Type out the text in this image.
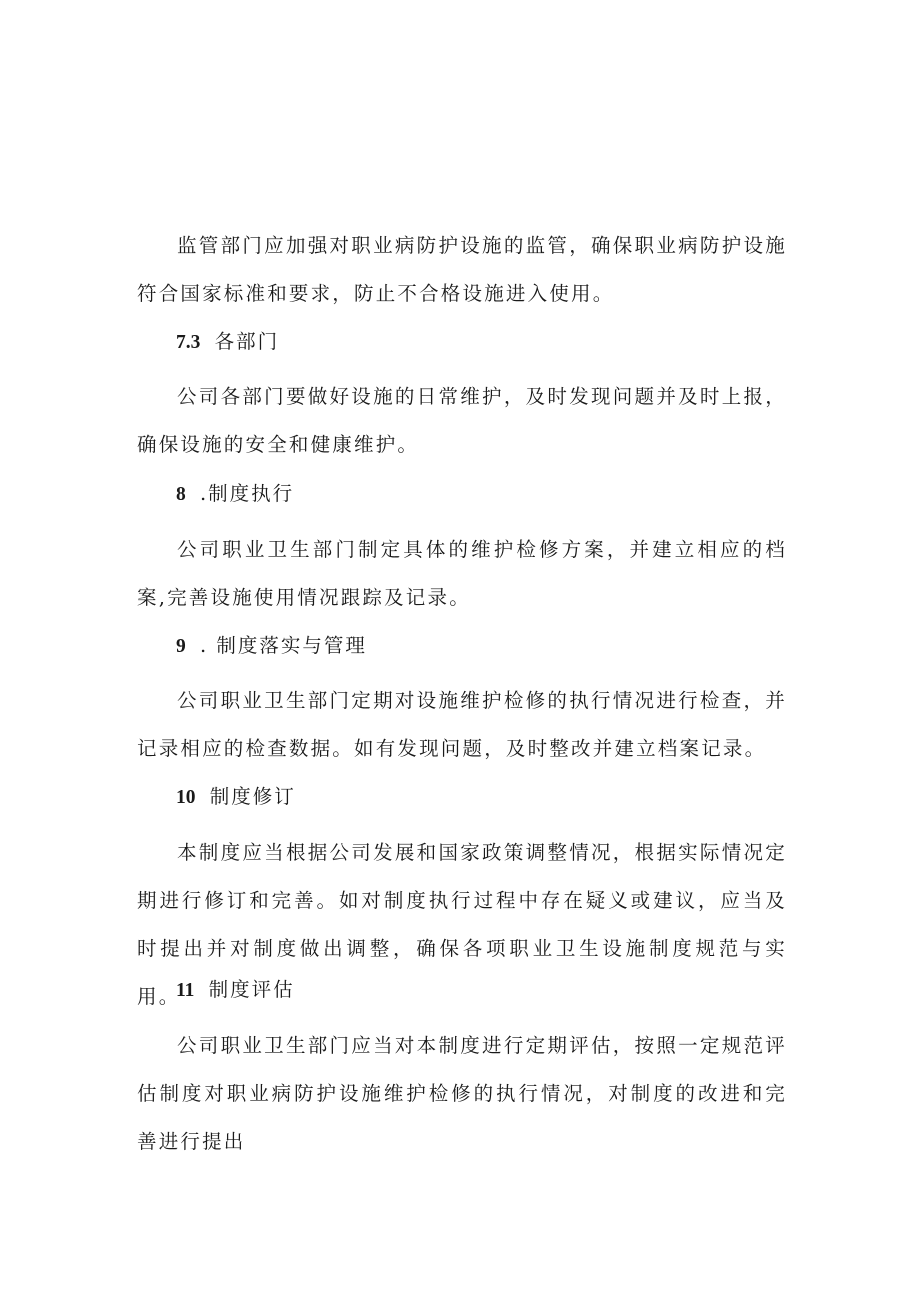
监管部门应加强对职业病防护设施的监管，确保职业病防护设施符合国家标准和要求，防止不合格设施进入使用。

7.3 各部门

公司各部门要做好设施的日常维护，及时发现问题并及时上报，确保设施的安全和健康维护。

8 .制度执行

公司职业卫生部门制定具体的维护检修方案，并建立相应的档案,完善设施使用情况跟踪及记录。

9 . 制度落实与管理

公司职业卫生部门定期对设施维护检修的执行情况进行检查，并记录相应的检查数据。如有发现问题，及时整改并建立档案记录。

10 制度修订

本制度应当根据公司发展和国家政策调整情况，根据实际情况定期进行修订和完善。如对制度执行过程中存在疑义或建议，应当及时提出并对制度做出调整，确保各项职业卫生设施制度规范与实用。

11 制度评估

公司职业卫生部门应当对本制度进行定期评估，按照一定规范评估制度对职业病防护设施维护检修的执行情况，对制度的改进和完善进行提出
